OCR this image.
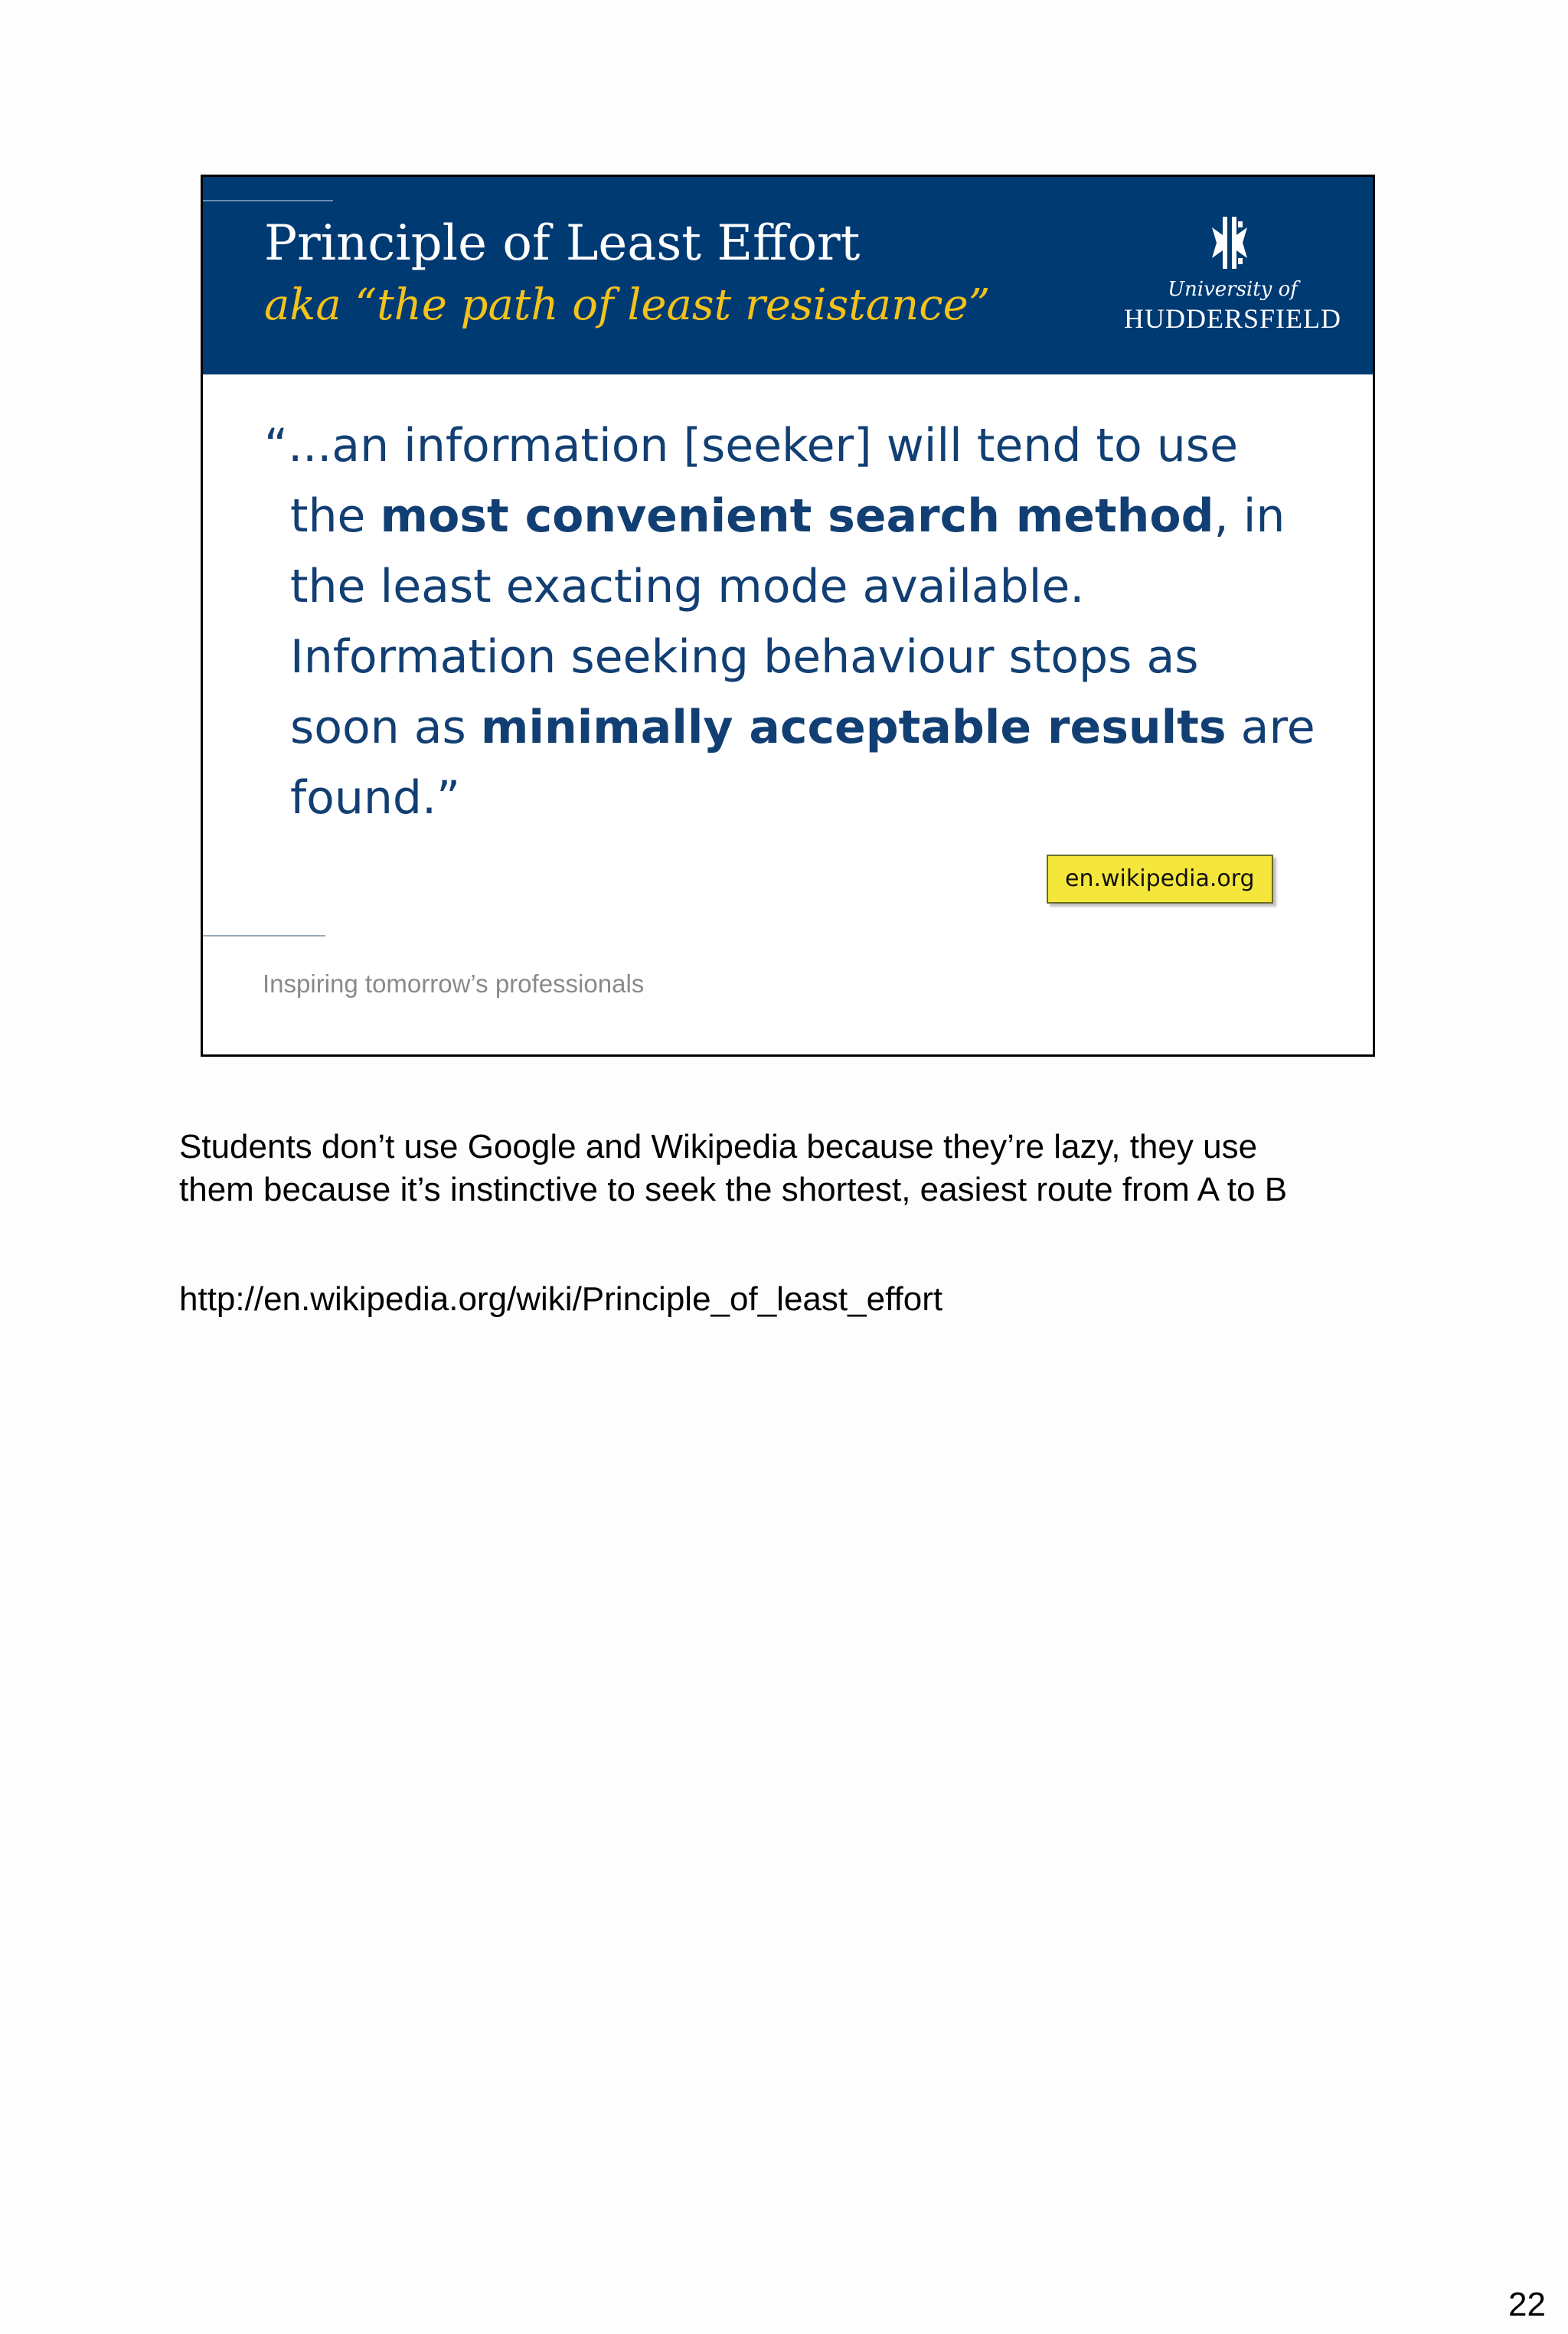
Principle of Least Effort
aka “the path of least resistance”	University of
HUDDERSFIELD

“...an information [seeker] will tend to use
the most convenient search method, in
the least exacting mode available.
Information seeking behaviour stops as
soon as minimally acceptable results are
found.”

en.wikipedia.org
Inspiring tomorrow’s professionals

Students don’t use Google and Wikipedia because they’re lazy, they use
them because it’s instinctive to seek the shortest, easiest route from A to B

http://en.wikipedia.org/wiki/Principle_of_least_effort
22
